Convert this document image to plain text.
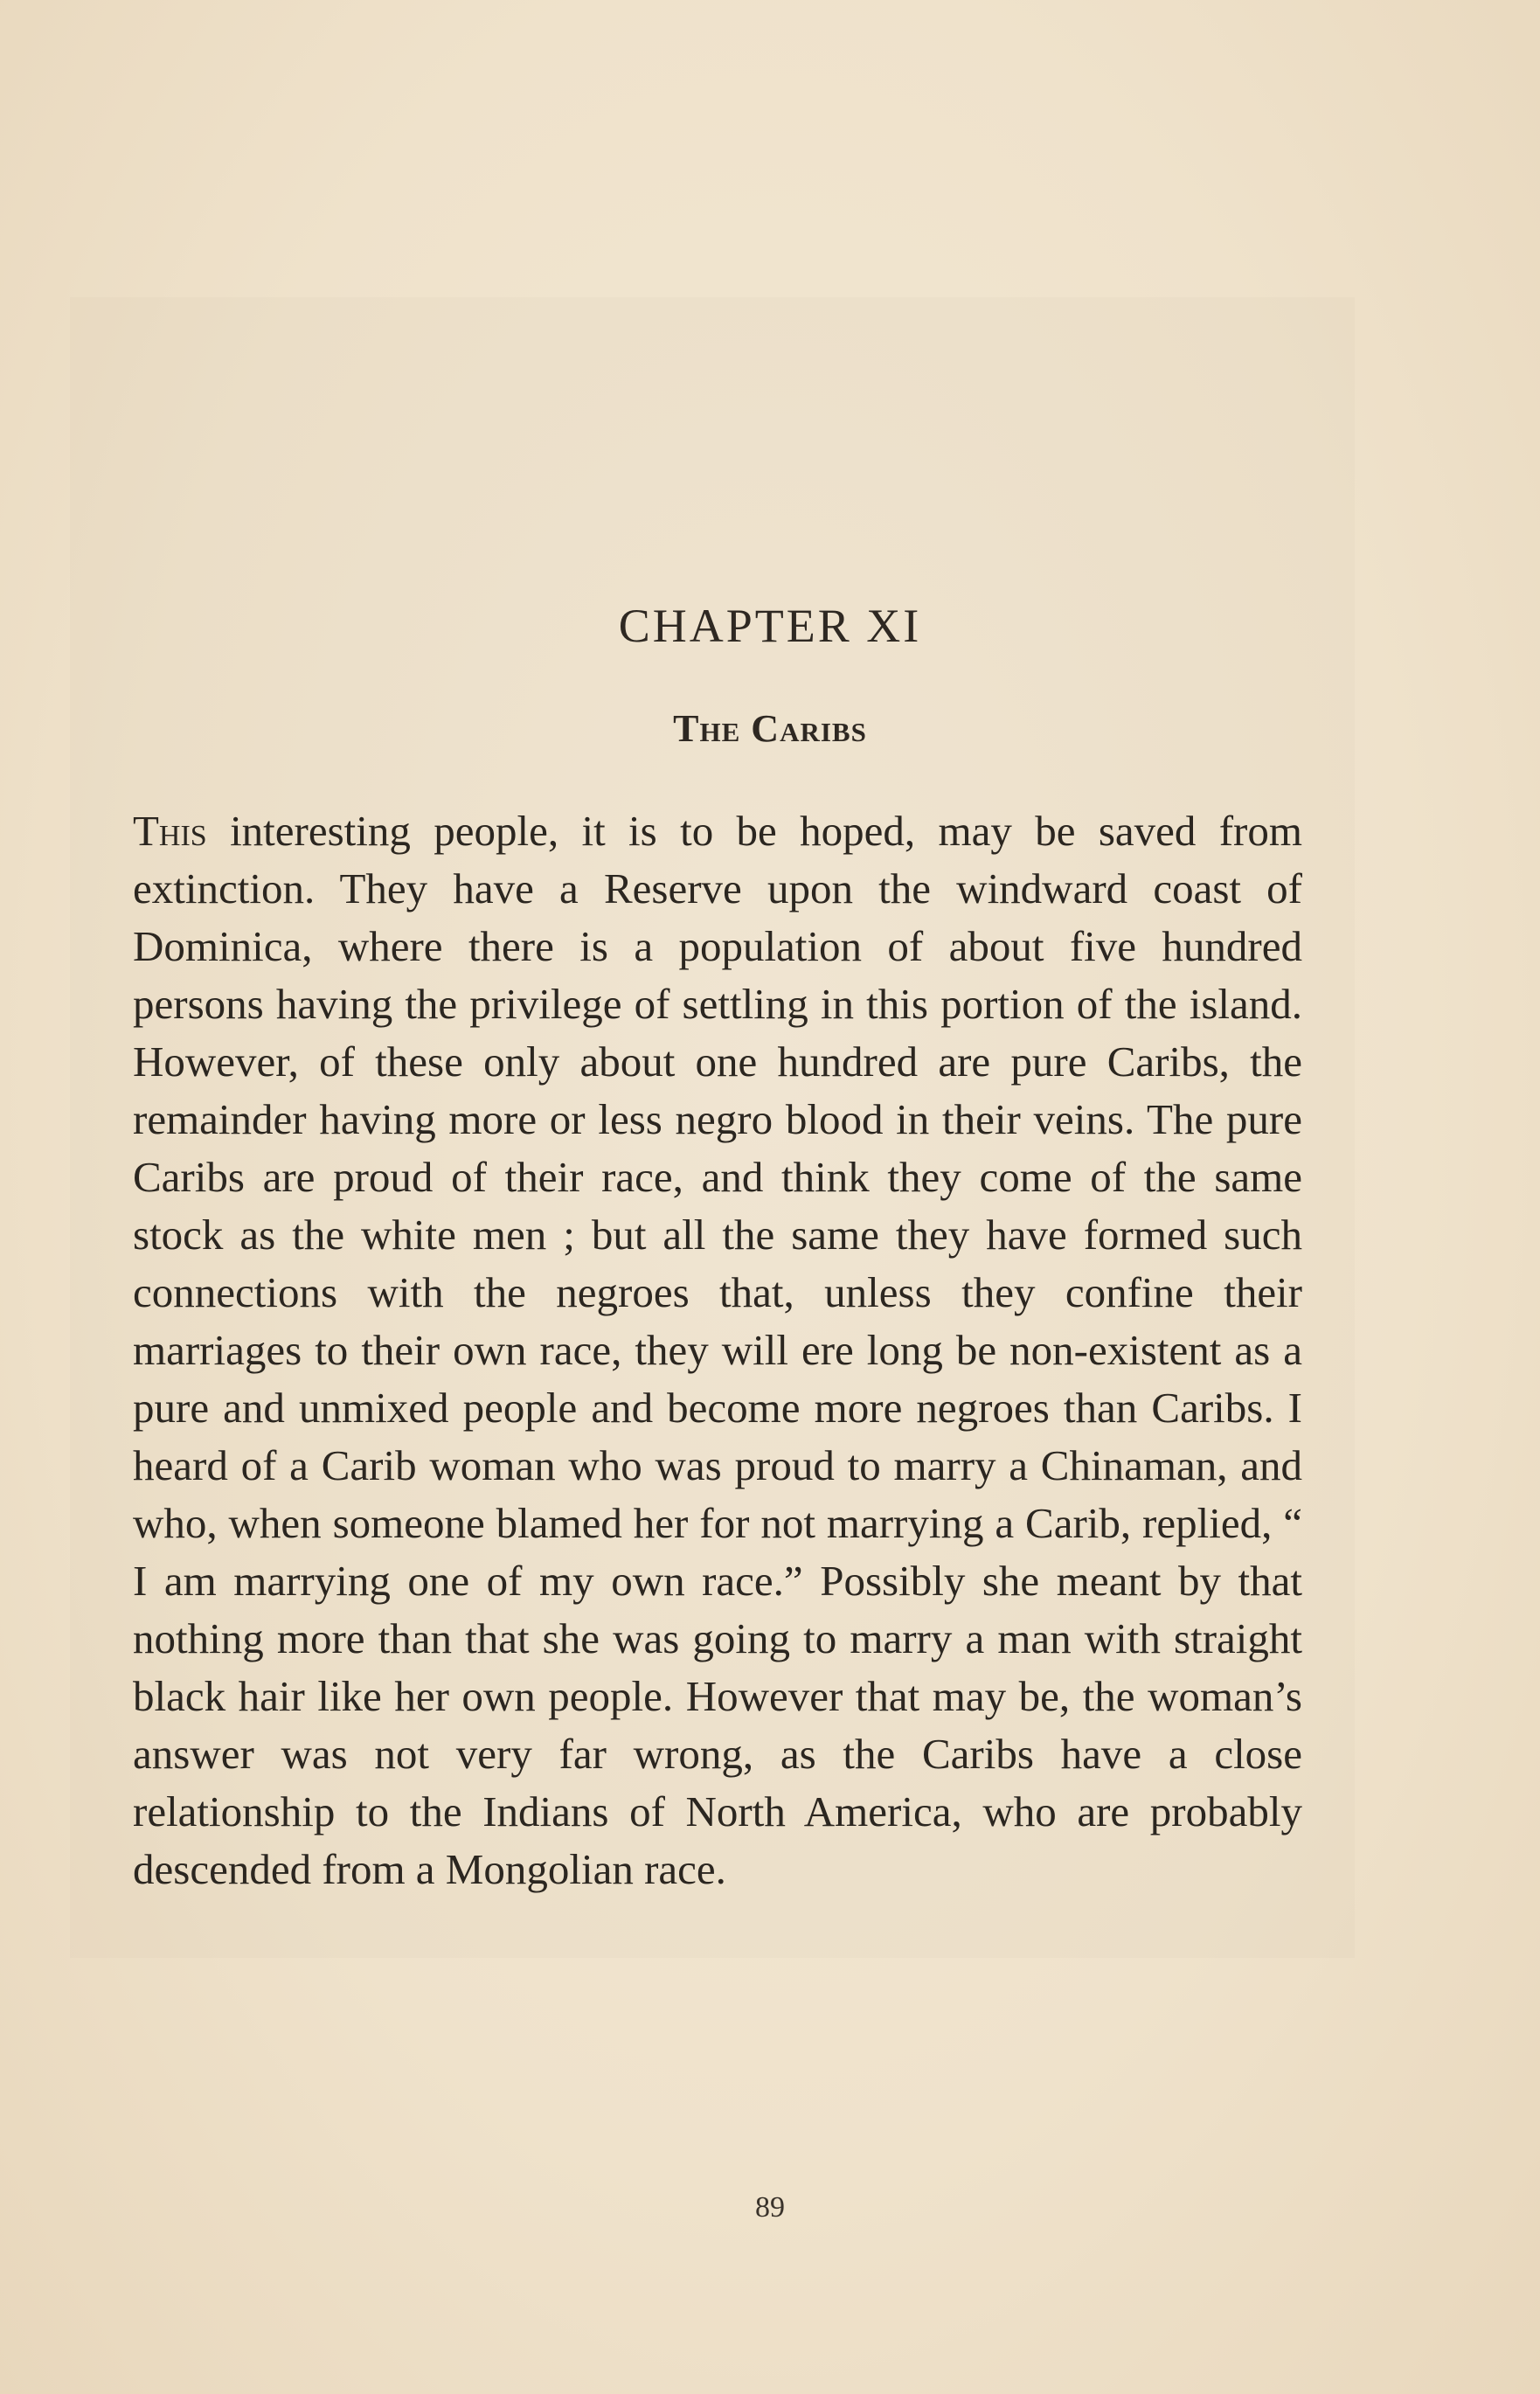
CHAPTER XI
The Caribs

This interesting people, it is to be hoped, may be saved from extinction. They have a Reserve upon the windward coast of Dominica, where there is a population of about five hundred persons having the privilege of settling in this portion of the island. However, of these only about one hundred are pure Caribs, the remainder having more or less negro blood in their veins. The pure Caribs are proud of their race, and think they come of the same stock as the white men ; but all the same they have formed such connections with the negroes that, unless they confine their marriages to their own race, they will ere long be non-existent as a pure and unmixed people and become more negroes than Caribs. I heard of a Carib woman who was proud to marry a Chinaman, and who, when someone blamed her for not marrying a Carib, replied, “ I am marrying one of my own race.” Possibly she meant by that nothing more than that she was going to marry a man with straight black hair like her own people. However that may be, the woman’s answer was not very far wrong, as the Caribs have a close relationship to the Indians of North America, who are probably descended from a Mongolian race.

89
